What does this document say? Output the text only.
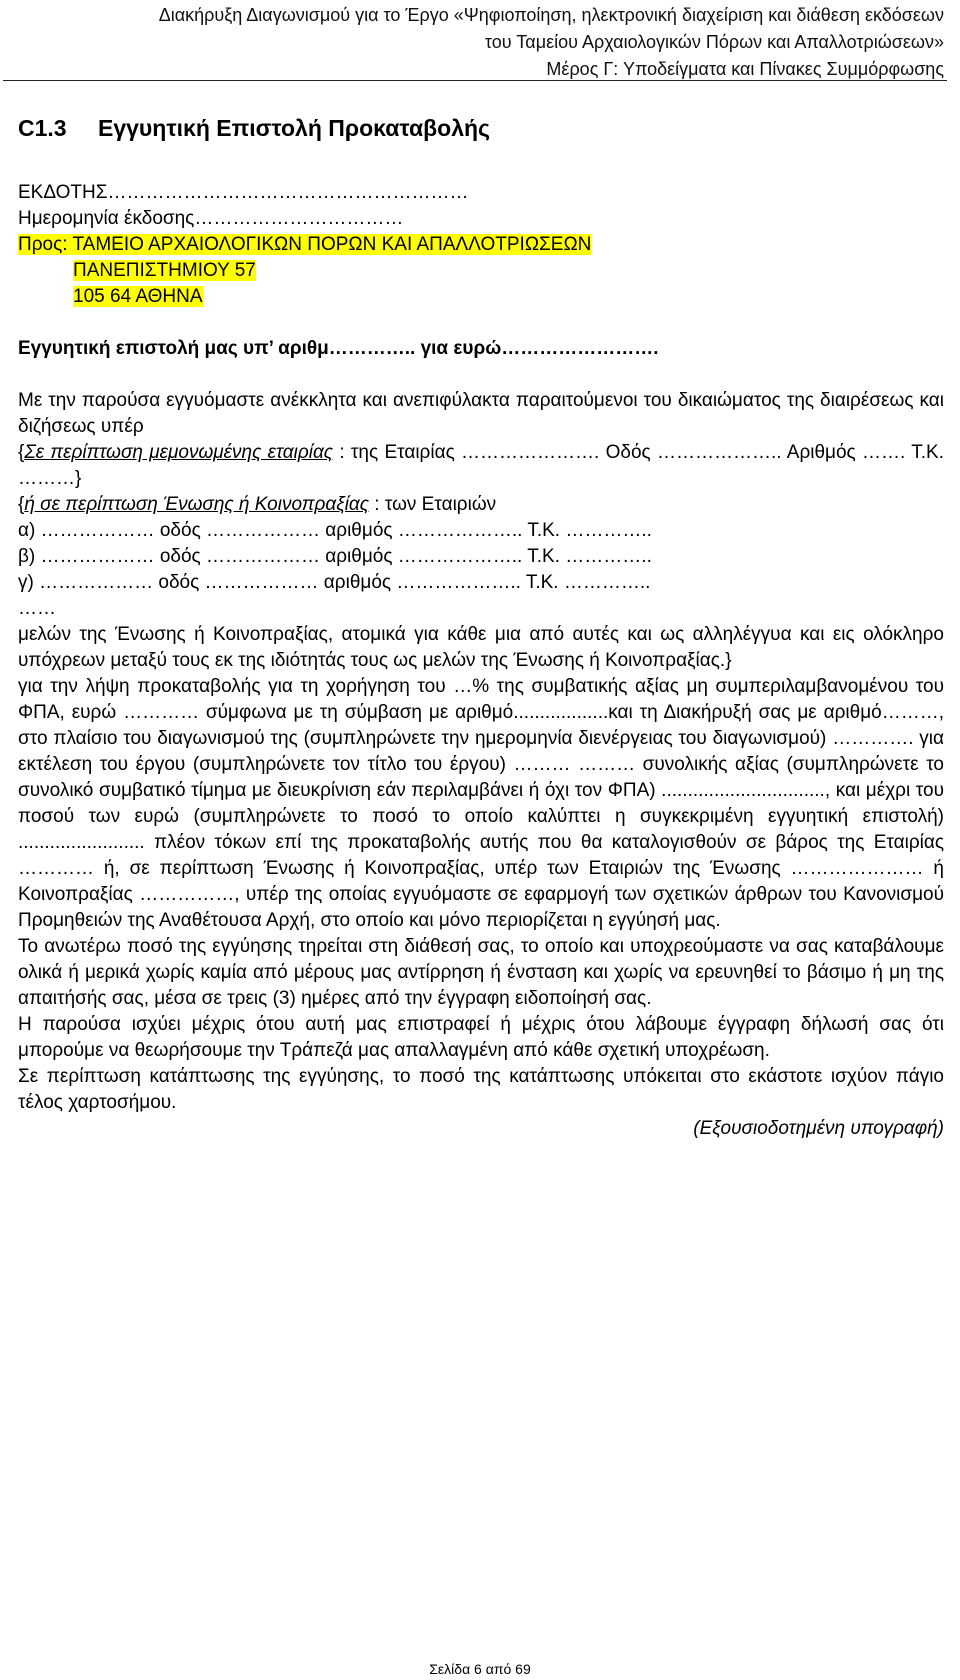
Διακήρυξη Διαγωνισμού για το Έργο «Ψηφιοποίηση, ηλεκτρονική διαχείριση και διάθεση εκδόσεων
του Ταμείου Αρχαιολογικών Πόρων και Απαλλοτριώσεων»
Μέρος Γ: Υποδείγματα και Πίνακες Συμμόρφωσης
C1.3 Εγγυητική Επιστολή Προκαταβολής
ΕΚΔΟΤΗΣ…………………………………………………
Ημερομηνία έκδοσης……………………………
Προς: ΤΑΜΕΙΟ ΑΡΧΑΙΟΛΟΓΙΚΩΝ ΠΟΡΩΝ ΚΑΙ ΑΠΑΛΛΟΤΡΙΩΣΕΩΝ
ΠΑΝΕΠΙΣΤΗΜΙΟΥ 57
105 64 ΑΘΗΝΑ
Εγγυητική επιστολή μας υπ’ αριθμ………….. για ευρώ…………………….
Με την παρούσα εγγυόμαστε ανέκκλητα και ανεπιφύλακτα παραιτούμενοι του δικαιώματος της διαιρέσεως και διζήσεως υπέρ
{Σε περίπτωση μεμονωμένης εταιρίας : της Εταιρίας …………………. Οδός ……………….. Αριθμός ……. Τ.Κ. ………}
{ή σε περίπτωση Ένωσης ή Κοινοπραξίας : των Εταιριών
α) ……………… οδός ……………… αριθμός ……………….. Τ.Κ. …………..
β) ……………… οδός ……………… αριθμός ……………….. Τ.Κ. …………..
γ) ……………… οδός ……………… αριθμός ……………….. Τ.Κ. …………..
……
μελών της Ένωσης ή Κοινοπραξίας, ατομικά για κάθε μια από αυτές και ως αλληλέγγυα και εις ολόκληρο υπόχρεων μεταξύ τους εκ της ιδιότητάς τους ως μελών της Ένωσης ή Κοινοπραξίας.}
για την λήψη προκαταβολής για τη χορήγηση του …% της συμβατικής αξίας μη συμπεριλαμβανομένου του ΦΠΑ, ευρώ ………… σύμφωνα με τη σύμβαση με αριθμό..................και τη Διακήρυξή σας με αριθμό………, στο πλαίσιο του διαγωνισμού της (συμπληρώνετε την ημερομηνία διενέργειας του διαγωνισμού) …………. για εκτέλεση του έργου (συμπληρώνετε τον τίτλο του έργου) ……… ……… συνολικής αξίας (συμπληρώνετε το συνολικό συμβατικό τίμημα με διευκρίνιση εάν περιλαμβάνει ή όχι τον ΦΠΑ) ..............................., και μέχρι του ποσού των ευρώ (συμπληρώνετε το ποσό το οποίο καλύπτει η συγκεκριμένη εγγυητική επιστολή) ........................ πλέον τόκων επί της προκαταβολής αυτής που θα καταλογισθούν σε βάρος της Εταιρίας ………… ή, σε περίπτωση Ένωσης ή Κοινοπραξίας, υπέρ των Εταιριών της Ένωσης ………………… ή Κοινοπραξίας ……………, υπέρ της οποίας εγγυόμαστε σε εφαρμογή των σχετικών άρθρων του Κανονισμού Προμηθειών της Αναθέτουσα Αρχή, στο οποίο και μόνο περιορίζεται η εγγύησή μας.
Το ανωτέρω ποσό της εγγύησης τηρείται στη διάθεσή σας, το οποίο και υποχρεούμαστε να σας καταβάλουμε ολικά ή μερικά χωρίς καμία από μέρους μας αντίρρηση ή ένσταση και χωρίς να ερευνηθεί το βάσιμο ή μη της απαιτήσής σας, μέσα σε τρεις (3) ημέρες από την έγγραφη ειδοποίησή σας.
Η παρούσα ισχύει μέχρις ότου αυτή μας επιστραφεί ή μέχρις ότου λάβουμε έγγραφη δήλωσή σας ότι μπορούμε να θεωρήσουμε την Τράπεζά μας απαλλαγμένη από κάθε σχετική υποχρέωση.
Σε περίπτωση κατάπτωσης της εγγύησης, το ποσό της κατάπτωσης υπόκειται στο εκάστοτε ισχύον πάγιο τέλος χαρτοσήμου.
(Εξουσιοδοτημένη υπογραφή)
Σελίδα 6 από 69
